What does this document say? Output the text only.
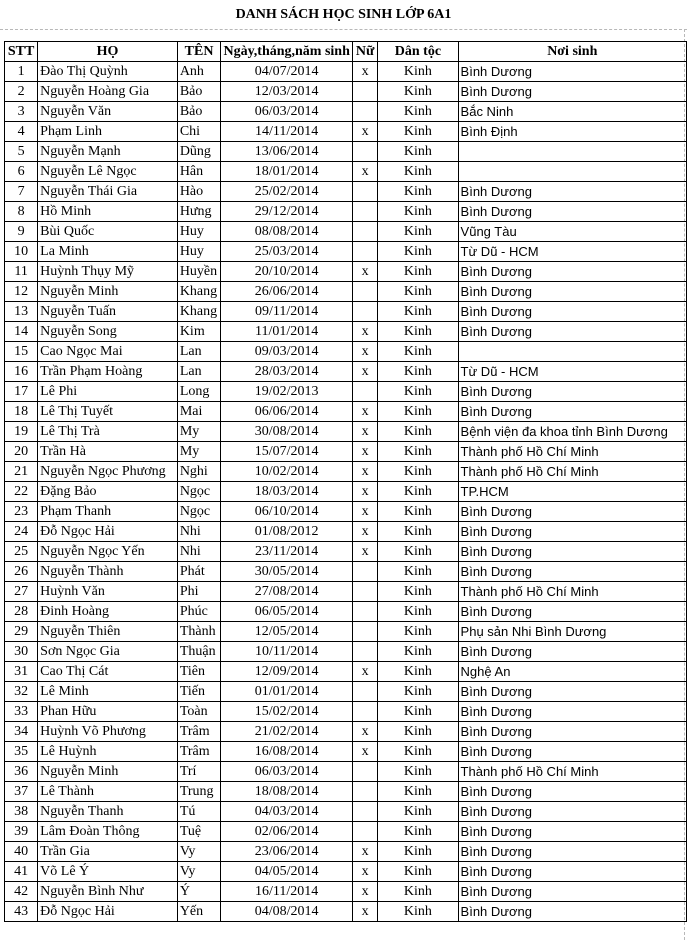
DANH SÁCH HỌC SINH LỚP 6A1
STT	HỌ	TÊN	Ngày,tháng,năm sinh	Nữ	Dân tộc	Nơi sinh
1	Đào Thị Quỳnh	Anh	04/07/2014	x	Kinh	Bình Dương
2	Nguyễn Hoàng Gia	Bảo	12/03/2014		Kinh	Bình Dương
3	Nguyễn Văn	Bảo	06/03/2014		Kinh	Bắc Ninh
4	Phạm Linh	Chi	14/11/2014	x	Kinh	Bình Định
5	Nguyễn Mạnh	Dũng	13/06/2014		Kinh	
6	Nguyễn Lê Ngọc	Hân	18/01/2014	x	Kinh	
7	Nguyễn Thái Gia	Hào	25/02/2014		Kinh	Bình Dương
8	Hồ Minh	Hưng	29/12/2014		Kinh	Bình Dương
9	Bùi Quốc	Huy	08/08/2014		Kinh	Vũng Tàu
10	La Minh	Huy	25/03/2014		Kinh	Từ Dũ - HCM
11	Huỳnh Thụy Mỹ	Huyền	20/10/2014	x	Kinh	Bình Dương
12	Nguyễn Minh	Khang	26/06/2014		Kinh	Bình Dương
13	Nguyễn Tuấn	Khang	09/11/2014		Kinh	Bình Dương
14	Nguyễn Song	Kim	11/01/2014	x	Kinh	Bình Dương
15	Cao Ngọc Mai	Lan	09/03/2014	x	Kinh	
16	Trần Phạm Hoàng	Lan	28/03/2014	x	Kinh	Từ Dũ - HCM
17	Lê Phi	Long	19/02/2013		Kinh	Bình Dương
18	Lê Thị Tuyết	Mai	06/06/2014	x	Kinh	Bình Dương
19	Lê Thị Trà	My	30/08/2014	x	Kinh	Bệnh viện đa khoa tỉnh Bình Dương
20	Trần Hà	My	15/07/2014	x	Kinh	Thành phố Hồ Chí Minh
21	Nguyễn Ngọc Phương	Nghi	10/02/2014	x	Kinh	Thành phố Hồ Chí Minh
22	Đặng Bảo	Ngọc	18/03/2014	x	Kinh	TP.HCM
23	Phạm Thanh	Ngọc	06/10/2014	x	Kinh	Bình Dương
24	Đỗ Ngọc Hải	Nhi	01/08/2012	x	Kinh	Bình Dương
25	Nguyễn Ngọc Yến	Nhi	23/11/2014	x	Kinh	Bình Dương
26	Nguyễn Thành	Phát	30/05/2014		Kinh	Bình Dương
27	Huỳnh Văn	Phi	27/08/2014		Kinh	Thành phố Hồ Chí Minh
28	Đinh Hoàng	Phúc	06/05/2014		Kinh	Bình Dương
29	Nguyễn Thiên	Thành	12/05/2014		Kinh	Phụ sản Nhi Bình Dương
30	Sơn Ngọc Gia	Thuận	10/11/2014		Kinh	Bình Dương
31	Cao Thị Cát	Tiên	12/09/2014	x	Kinh	Nghệ An
32	Lê Minh	Tiến	01/01/2014		Kinh	Bình Dương
33	Phan Hữu	Toàn	15/02/2014		Kinh	Bình Dương
34	Huỳnh Võ Phương	Trâm	21/02/2014	x	Kinh	Bình Dương
35	Lê Huỳnh	Trâm	16/08/2014	x	Kinh	Bình Dương
36	Nguyễn Minh	Trí	06/03/2014		Kinh	Thành phố Hồ Chí Minh
37	Lê Thành	Trung	18/08/2014		Kinh	Bình Dương
38	Nguyễn Thanh	Tú	04/03/2014		Kinh	Bình Dương
39	Lâm Đoàn Thông	Tuệ	02/06/2014		Kinh	Bình Dương
40	Trần Gia	Vy	23/06/2014	x	Kinh	Bình Dương
41	Võ Lê Ý	Vy	04/05/2014	x	Kinh	Bình Dương
42	Nguyễn Bình Như	Ý	16/11/2014	x	Kinh	Bình Dương
43	Đỗ Ngọc Hải	Yến	04/08/2014	x	Kinh	Bình Dương
